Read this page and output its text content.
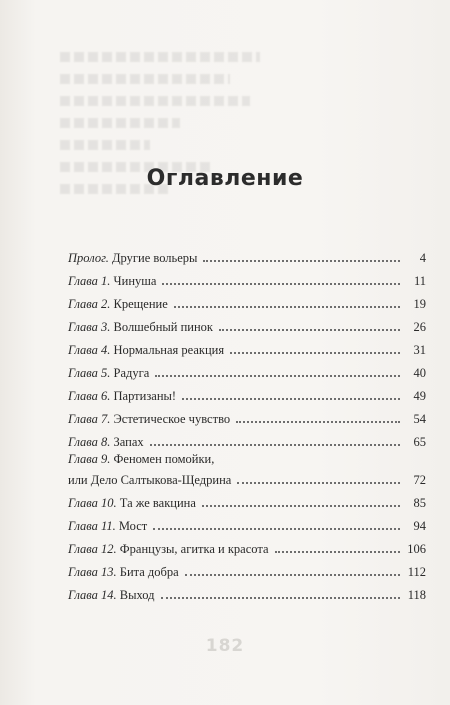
Оглавление
Пролог. Другие вольеры	4
Глава 1. Чинуша	11
Глава 2. Крещение	19
Глава 3. Волшебный пинок	26
Глава 4. Нормальная реакция	31
Глава 5. Радуга	40
Глава 6. Партизаны!	49
Глава 7. Эстетическое чувство	54
Глава 8. Запах	65
Глава 9. Феномен помойки,
или Дело Салтыкова-Щедрина	72
Глава 10. Та же вакцина	85
Глава 11. Мост	94
Глава 12. Французы, агитка и красота	106
Глава 13. Бита добра	112
Глава 14. Выход	118
182
